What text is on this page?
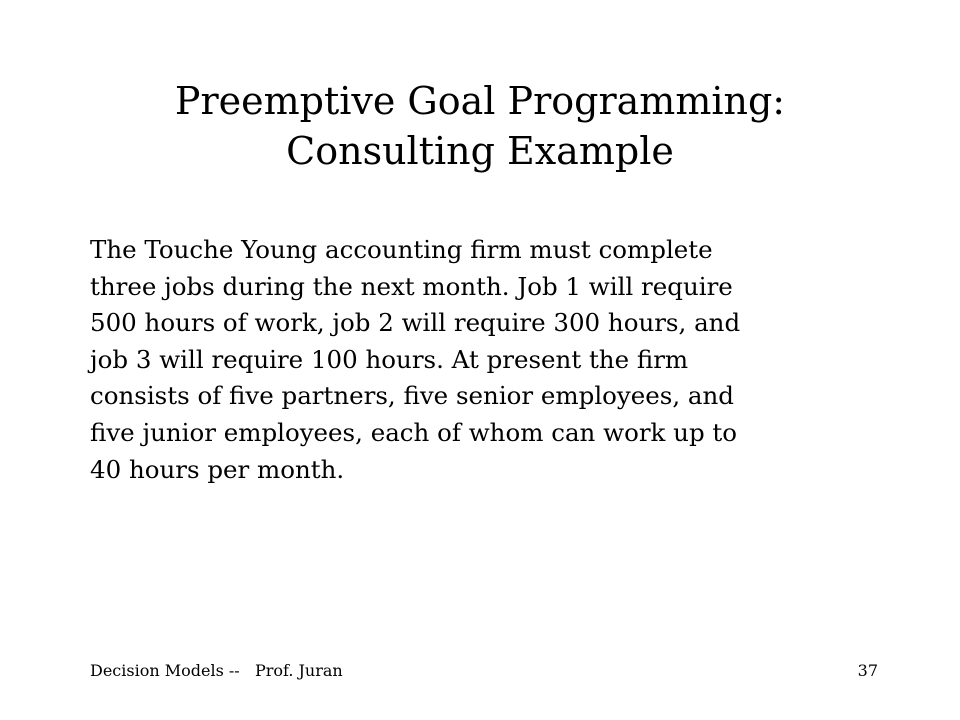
Preemptive Goal Programming:
Consulting Example

The Touche Young accounting firm must complete
three jobs during the next month. Job 1 will require
500 hours of work, job 2 will require 300 hours, and
job 3 will require 100 hours. At present the firm
consists of five partners, five senior employees, and
five junior employees, each of whom can work up to
40 hours per month.

Decision Models --   Prof. Juran	37
